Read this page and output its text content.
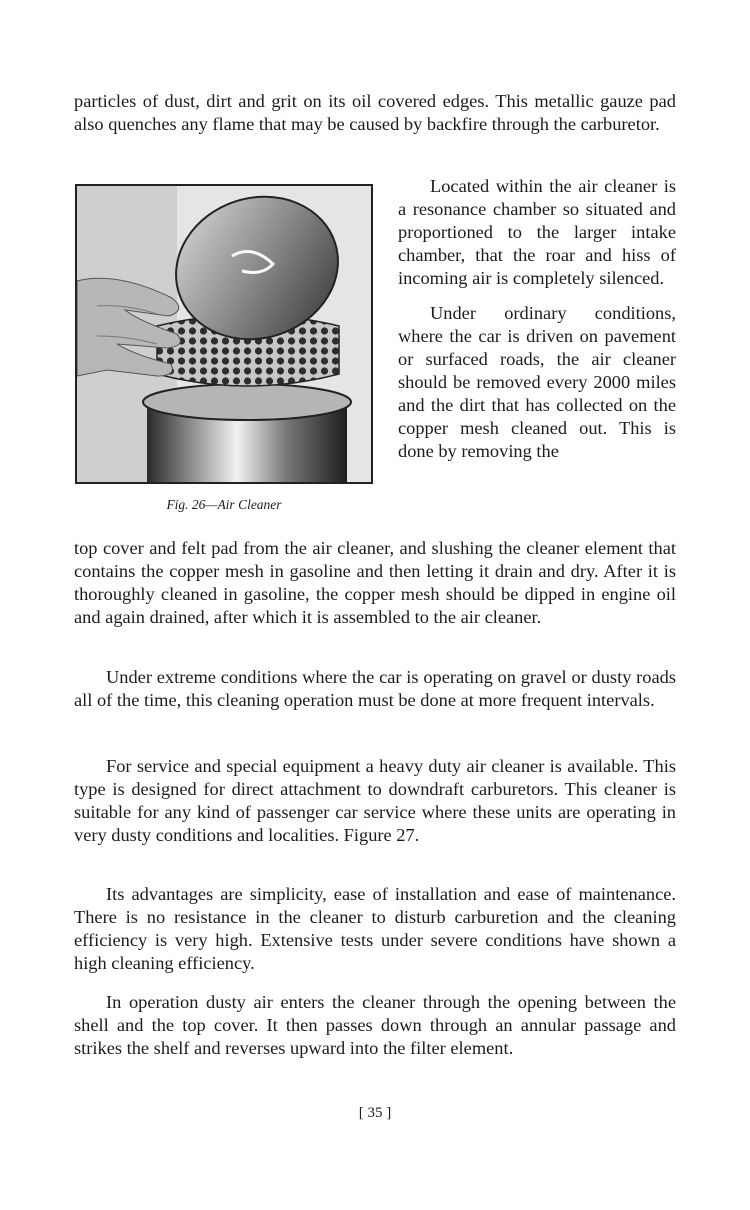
particles of dust, dirt and grit on its oil covered edges. This metallic gauze pad also quenches any flame that may be caused by backfire through the carburetor.

Fig. 26—Air Cleaner

Located within the air cleaner is a resonance chamber so situated and proportioned to the larger intake chamber, that the roar and hiss of incoming air is completely silenced.

Under ordinary conditions, where the car is driven on pavement or surfaced roads, the air cleaner should be removed every 2000 miles and the dirt that has collected on the copper mesh cleaned out. This is done by removing the

top cover and felt pad from the air cleaner, and slushing the cleaner element that contains the copper mesh in gasoline and then letting it drain and dry. After it is thoroughly cleaned in gasoline, the copper mesh should be dipped in engine oil and again drained, after which it is assembled to the air cleaner.

Under extreme conditions where the car is operating on gravel or dusty roads all of the time, this cleaning operation must be done at more frequent intervals.

For service and special equipment a heavy duty air cleaner is available. This type is designed for direct attachment to downdraft carburetors. This cleaner is suitable for any kind of passenger car service where these units are operating in very dusty conditions and localities. Figure 27.

Its advantages are simplicity, ease of installation and ease of maintenance. There is no resistance in the cleaner to disturb carburetion and the cleaning efficiency is very high. Extensive tests under severe conditions have shown a high cleaning efficiency.

In operation dusty air enters the cleaner through the opening between the shell and the top cover. It then passes down through an annular passage and strikes the shelf and reverses upward into the filter element.

[ 35 ]
